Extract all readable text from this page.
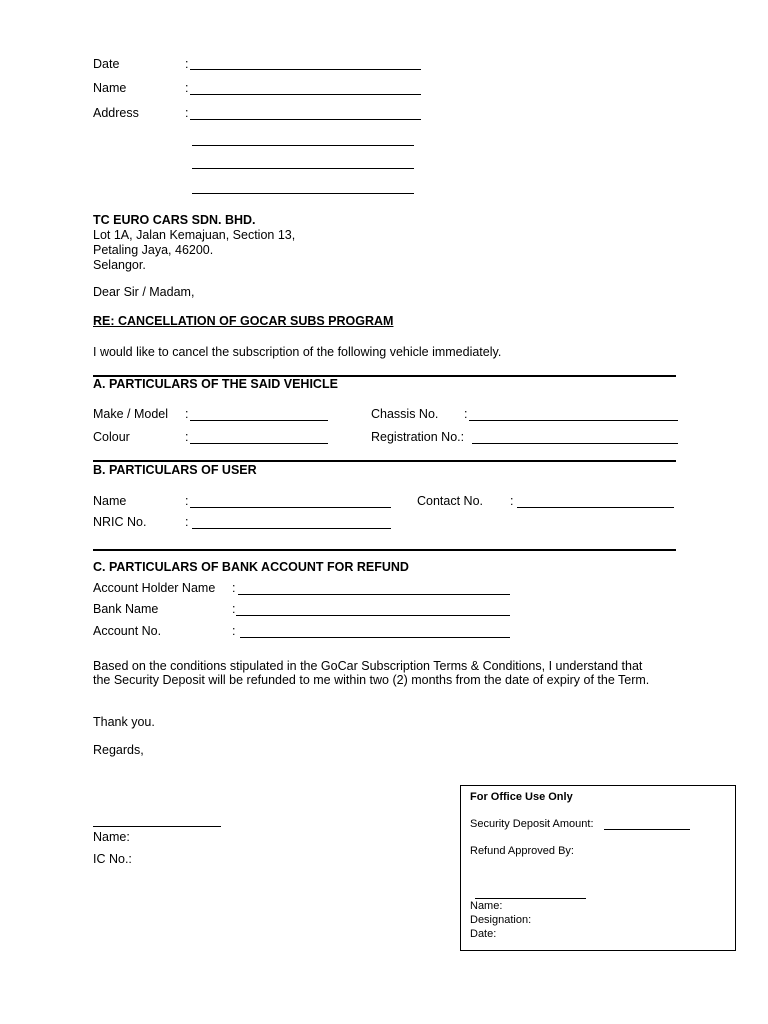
Date	:
Name	:
Address	:
TC EURO CARS SDN. BHD.
Lot 1A, Jalan Kemajuan, Section 13,
Petaling Jaya, 46200.
Selangor.
Dear Sir / Madam,
RE: CANCELLATION OF GOCAR SUBS PROGRAM
I would like to cancel the subscription of the following vehicle immediately.
A. PARTICULARS OF THE SAID VEHICLE
Make / Model :	Chassis No. :
Colour	:	Registration No.:
B. PARTICULARS OF USER
Name	:	Contact No. :
NRIC No.	:
C. PARTICULARS OF BANK ACCOUNT FOR REFUND
Account Holder Name :
Bank Name	:
Account No.	:
Based on the conditions stipulated in the GoCar Subscription Terms & Conditions, I understand that
the Security Deposit will be refunded to me within two (2) months from the date of expiry of the Term.
Thank you.
Regards,
Name:
IC No.:
For Office Use Only
Security Deposit Amount:
Refund Approved By:
Name:
Designation:
Date:
